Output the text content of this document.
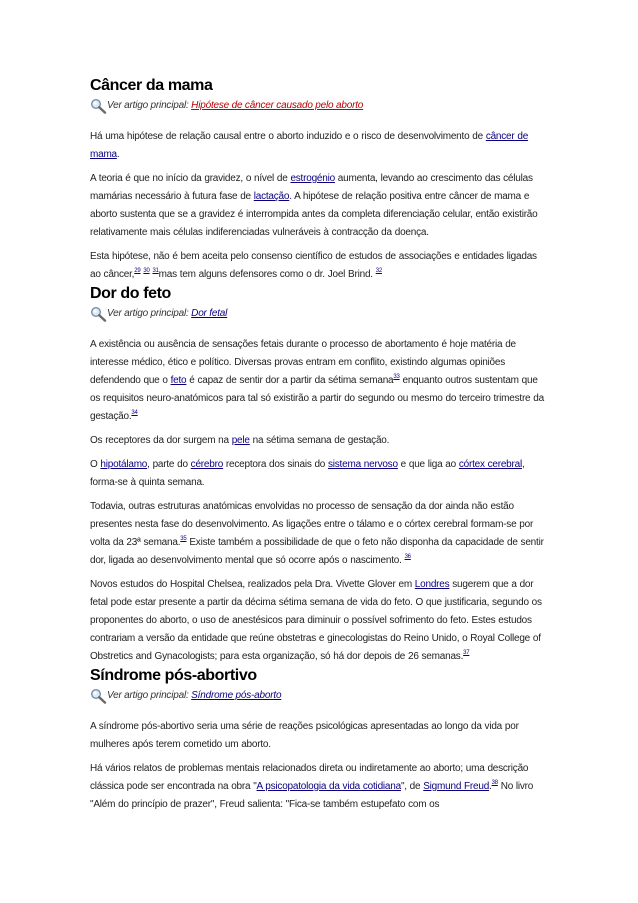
Câncer da mama
Ver artigo principal: Hipótese de câncer causado pelo aborto

Há uma hipótese de relação causal entre o aborto induzido e o risco de desenvolvimento de câncer de mama.

A teoria é que no início da gravidez, o nível de estrogénio aumenta, levando ao crescimento das células mamárias necessário à futura fase de lactação. A hipótese de relação positiva entre câncer de mama e aborto sustenta que se a gravidez é interrompida antes da completa diferenciação celular, então existirão relativamente mais células indiferenciadas vulneráveis à contracção da doença.

Esta hipótese, não é bem aceita pelo consenso científico de estudos de associações e entidades ligadas ao câncer,$^{29}$ $^{30}$ $^{31}$mas tem alguns defensores como o dr. Joel Brind. $^{32}$

Dor do feto
Ver artigo principal: Dor fetal

A existência ou ausência de sensações fetais durante o processo de abortamento é hoje matéria de interesse médico, ético e político. Diversas provas entram em conflito, existindo algumas opiniões defendendo que o feto é capaz de sentir dor a partir da sétima semana$^{33}$ enquanto outros sustentam que os requisitos neuro-anatómicos para tal só existirão a partir do segundo ou mesmo do terceiro trimestre da gestação.$^{34}$

Os receptores da dor surgem na pele na sétima semana de gestação.

O hipotálamo, parte do cérebro receptora dos sinais do sistema nervoso e que liga ao córtex cerebral, forma-se à quinta semana.

Todavia, outras estruturas anatómicas envolvidas no processo de sensação da dor ainda não estão presentes nesta fase do desenvolvimento. As ligações entre o tálamo e o córtex cerebral formam-se por volta da 23ª semana.$^{35}$ Existe também a possibilidade de que o feto não disponha da capacidade de sentir dor, ligada ao desenvolvimento mental que só ocorre após o nascimento. $^{36}$

Novos estudos do Hospital Chelsea, realizados pela Dra. Vivette Glover em Londres sugerem que a dor fetal pode estar presente a partir da décima sétima semana de vida do feto. O que justificaria, segundo os proponentes do aborto, o uso de anestésicos para diminuir o possível sofrimento do feto. Estes estudos contrariam a versão da entidade que reúne obstetras e ginecologistas do Reino Unido, o Royal College of Obstretics and Gynacologists; para esta organização, só há dor depois de 26 semanas.$^{37}$

Síndrome pós-abortivo
Ver artigo principal: Síndrome pós-aborto

A síndrome pós-abortivo seria uma série de reações psicológicas apresentadas ao longo da vida por mulheres após terem cometido um aborto.

Há vários relatos de problemas mentais relacionados direta ou indiretamente ao aborto; uma descrição clássica pode ser encontrada na obra "A psicopatologia da vida cotidiana", de Sigmund Freud.$^{38}$ No livro "Além do princípio de prazer", Freud salienta: "Fica-se também estupefato com os
